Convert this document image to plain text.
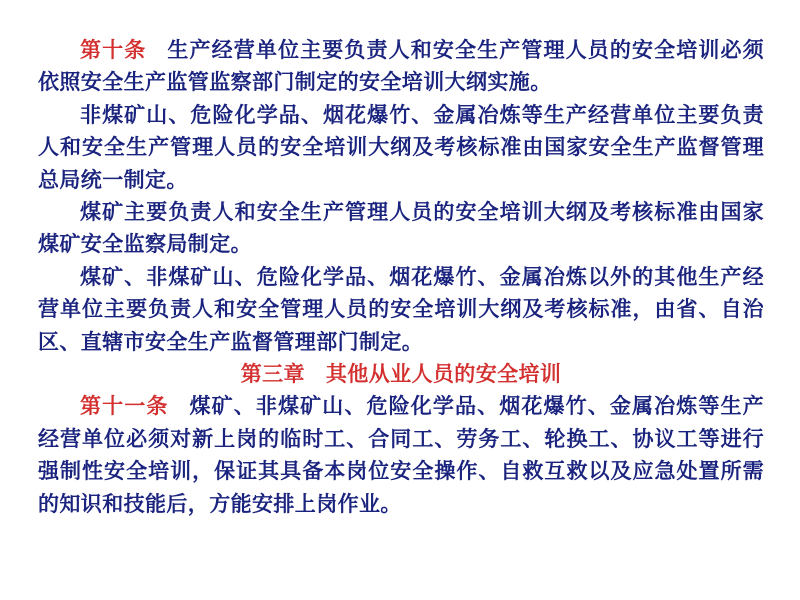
第十条 生产经营单位主要负责人和安全生产管理人员的安全培训必须依照安全生产监管监察部门制定的安全培训大纲实施。

非煤矿山、危险化学品、烟花爆竹、金属冶炼等生产经营单位主要负责人和安全生产管理人员的安全培训大纲及考核标准由国家安全生产监督管理总局统一制定。

煤矿主要负责人和安全生产管理人员的安全培训大纲及考核标准由国家煤矿安全监察局制定。

煤矿、非煤矿山、危险化学品、烟花爆竹、金属冶炼以外的其他生产经营单位主要负责人和安全管理人员的安全培训大纲及考核标准，由省、自治区、直辖市安全生产监督管理部门制定。

第三章 其他从业人员的安全培训

第十一条 煤矿、非煤矿山、危险化学品、烟花爆竹、金属冶炼等生产经营单位必须对新上岗的临时工、合同工、劳务工、轮换工、协议工等进行强制性安全培训，保证其具备本岗位安全操作、自救互救以及应急处置所需的知识和技能后，方能安排上岗作业。
